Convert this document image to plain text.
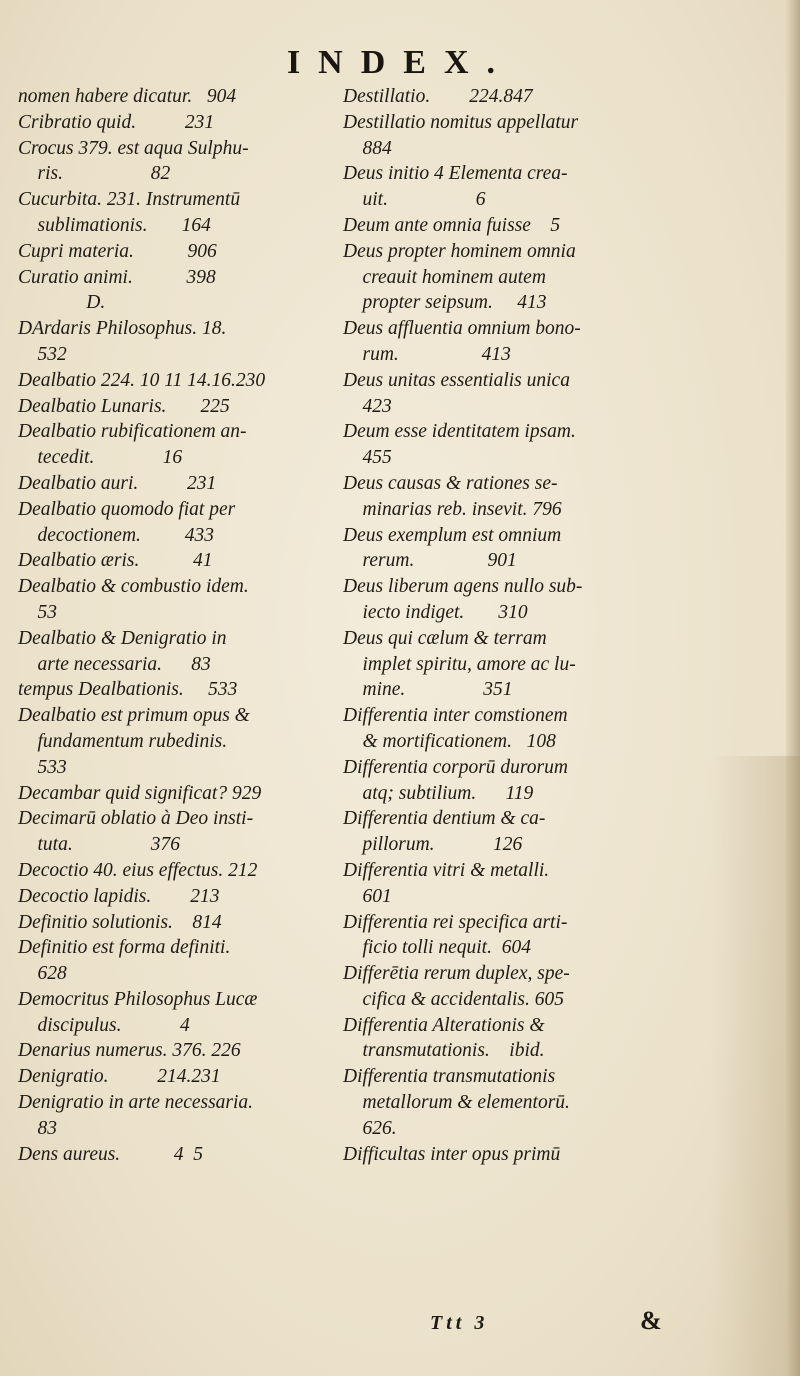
INDEX.
nomen habere dicatur.   904
Cribratio quid.          231
Crocus 379. est aqua Sulphu-
ris.                  82
Cucurbita. 231. Instrumentū
sublimationis.       164
Cupri materia.           906
Curatio animi.           398
D.
DArdaris Philosophus. 18.
532
Dealbatio 224. 10 11 14.16.230
Dealbatio Lunaris.       225
Dealbatio rubificationem an-
tecedit.              16
Dealbatio auri.          231
Dealbatio quomodo fiat per
decoctionem.         433
Dealbatio æris.           41
Dealbatio & combustio idem.
53
Dealbatio & Denigratio in
arte necessaria.      83
tempus Dealbationis.     533
Dealbatio est primum opus &
fundamentum rubedinis.
533
Decambar quid significat? 929
Decimarū oblatio à Deo insti-
tuta.                376
Decoctio 40. eius effectus. 212
Decoctio lapidis.        213
Definitio solutionis.    814
Definitio est forma definiti.
628
Democritus Philosophus Lucæ
discipulus.            4
Denarius numerus. 376. 226
Denigratio.          214.231
Denigratio in arte necessaria.
83
Dens aureus.           4  5
Destillatio.        224.847
Destillatio nomitus appellatur
884
Deus initio 4 Elementa crea-
uit.                  6
Deum ante omnia fuisse    5
Deus propter hominem omnia
creauit hominem autem
propter seipsum.     413
Deus affluentia omnium bono-
rum.                 413
Deus unitas essentialis unica
423
Deum esse identitatem ipsam.
455
Deus causas & rationes se-
minarias reb. insevit. 796
Deus exemplum est omnium
rerum.               901
Deus liberum agens nullo sub-
iecto indiget.       310
Deus qui cælum & terram
implet spiritu, amore ac lu-
mine.                351
Differentia inter comstionem
& mortificationem.   108
Differentia corporū durorum
atq; subtilium.      119
Differentia dentium & ca-
pillorum.            126
Differentia vitri & metalli.
601
Differentia rei specifica arti-
ficio tolli nequit.  604
Differētia rerum duplex, spe-
cifica & accidentalis. 605
Differentia Alterationis &
transmutationis.    ibid.
Differentia transmutationis
metallorum & elementorū.
626.
Difficultas inter opus primū
Ttt 3	&
